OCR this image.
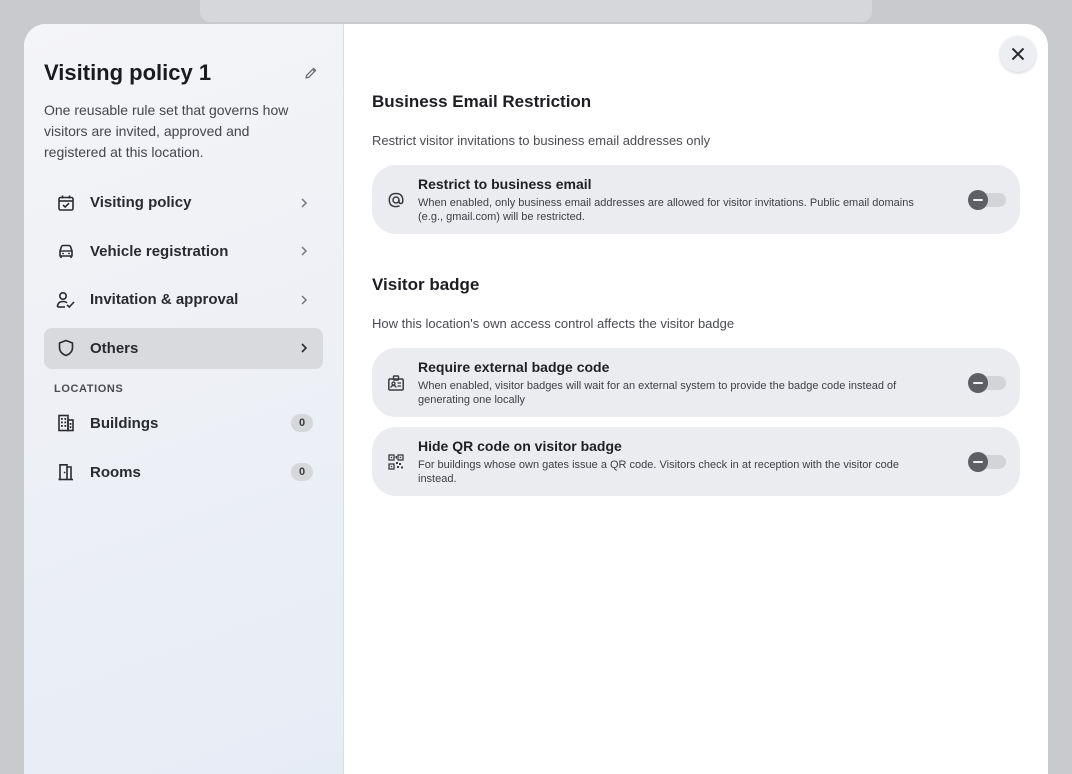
Visiting policy 1

One reusable rule set that governs how visitors are invited, approved and registered at this location.

Visiting policy
Vehicle registration
Invitation & approval
Others
LOCATIONS
Buildings	0
Rooms	0
Business Email Restriction

Restrict visitor invitations to business email addresses only

Restrict to business email
When enabled, only business email addresses are allowed for visitor invitations. Public email domains (e.g., gmail.com) will be restricted.
Visitor badge

How this location's own access control affects the visitor badge

Require external badge code
When enabled, visitor badges will wait for an external system to provide the badge code instead of generating one locally
Hide QR code on visitor badge
For buildings whose own gates issue a QR code. Visitors check in at reception with the visitor code instead.
